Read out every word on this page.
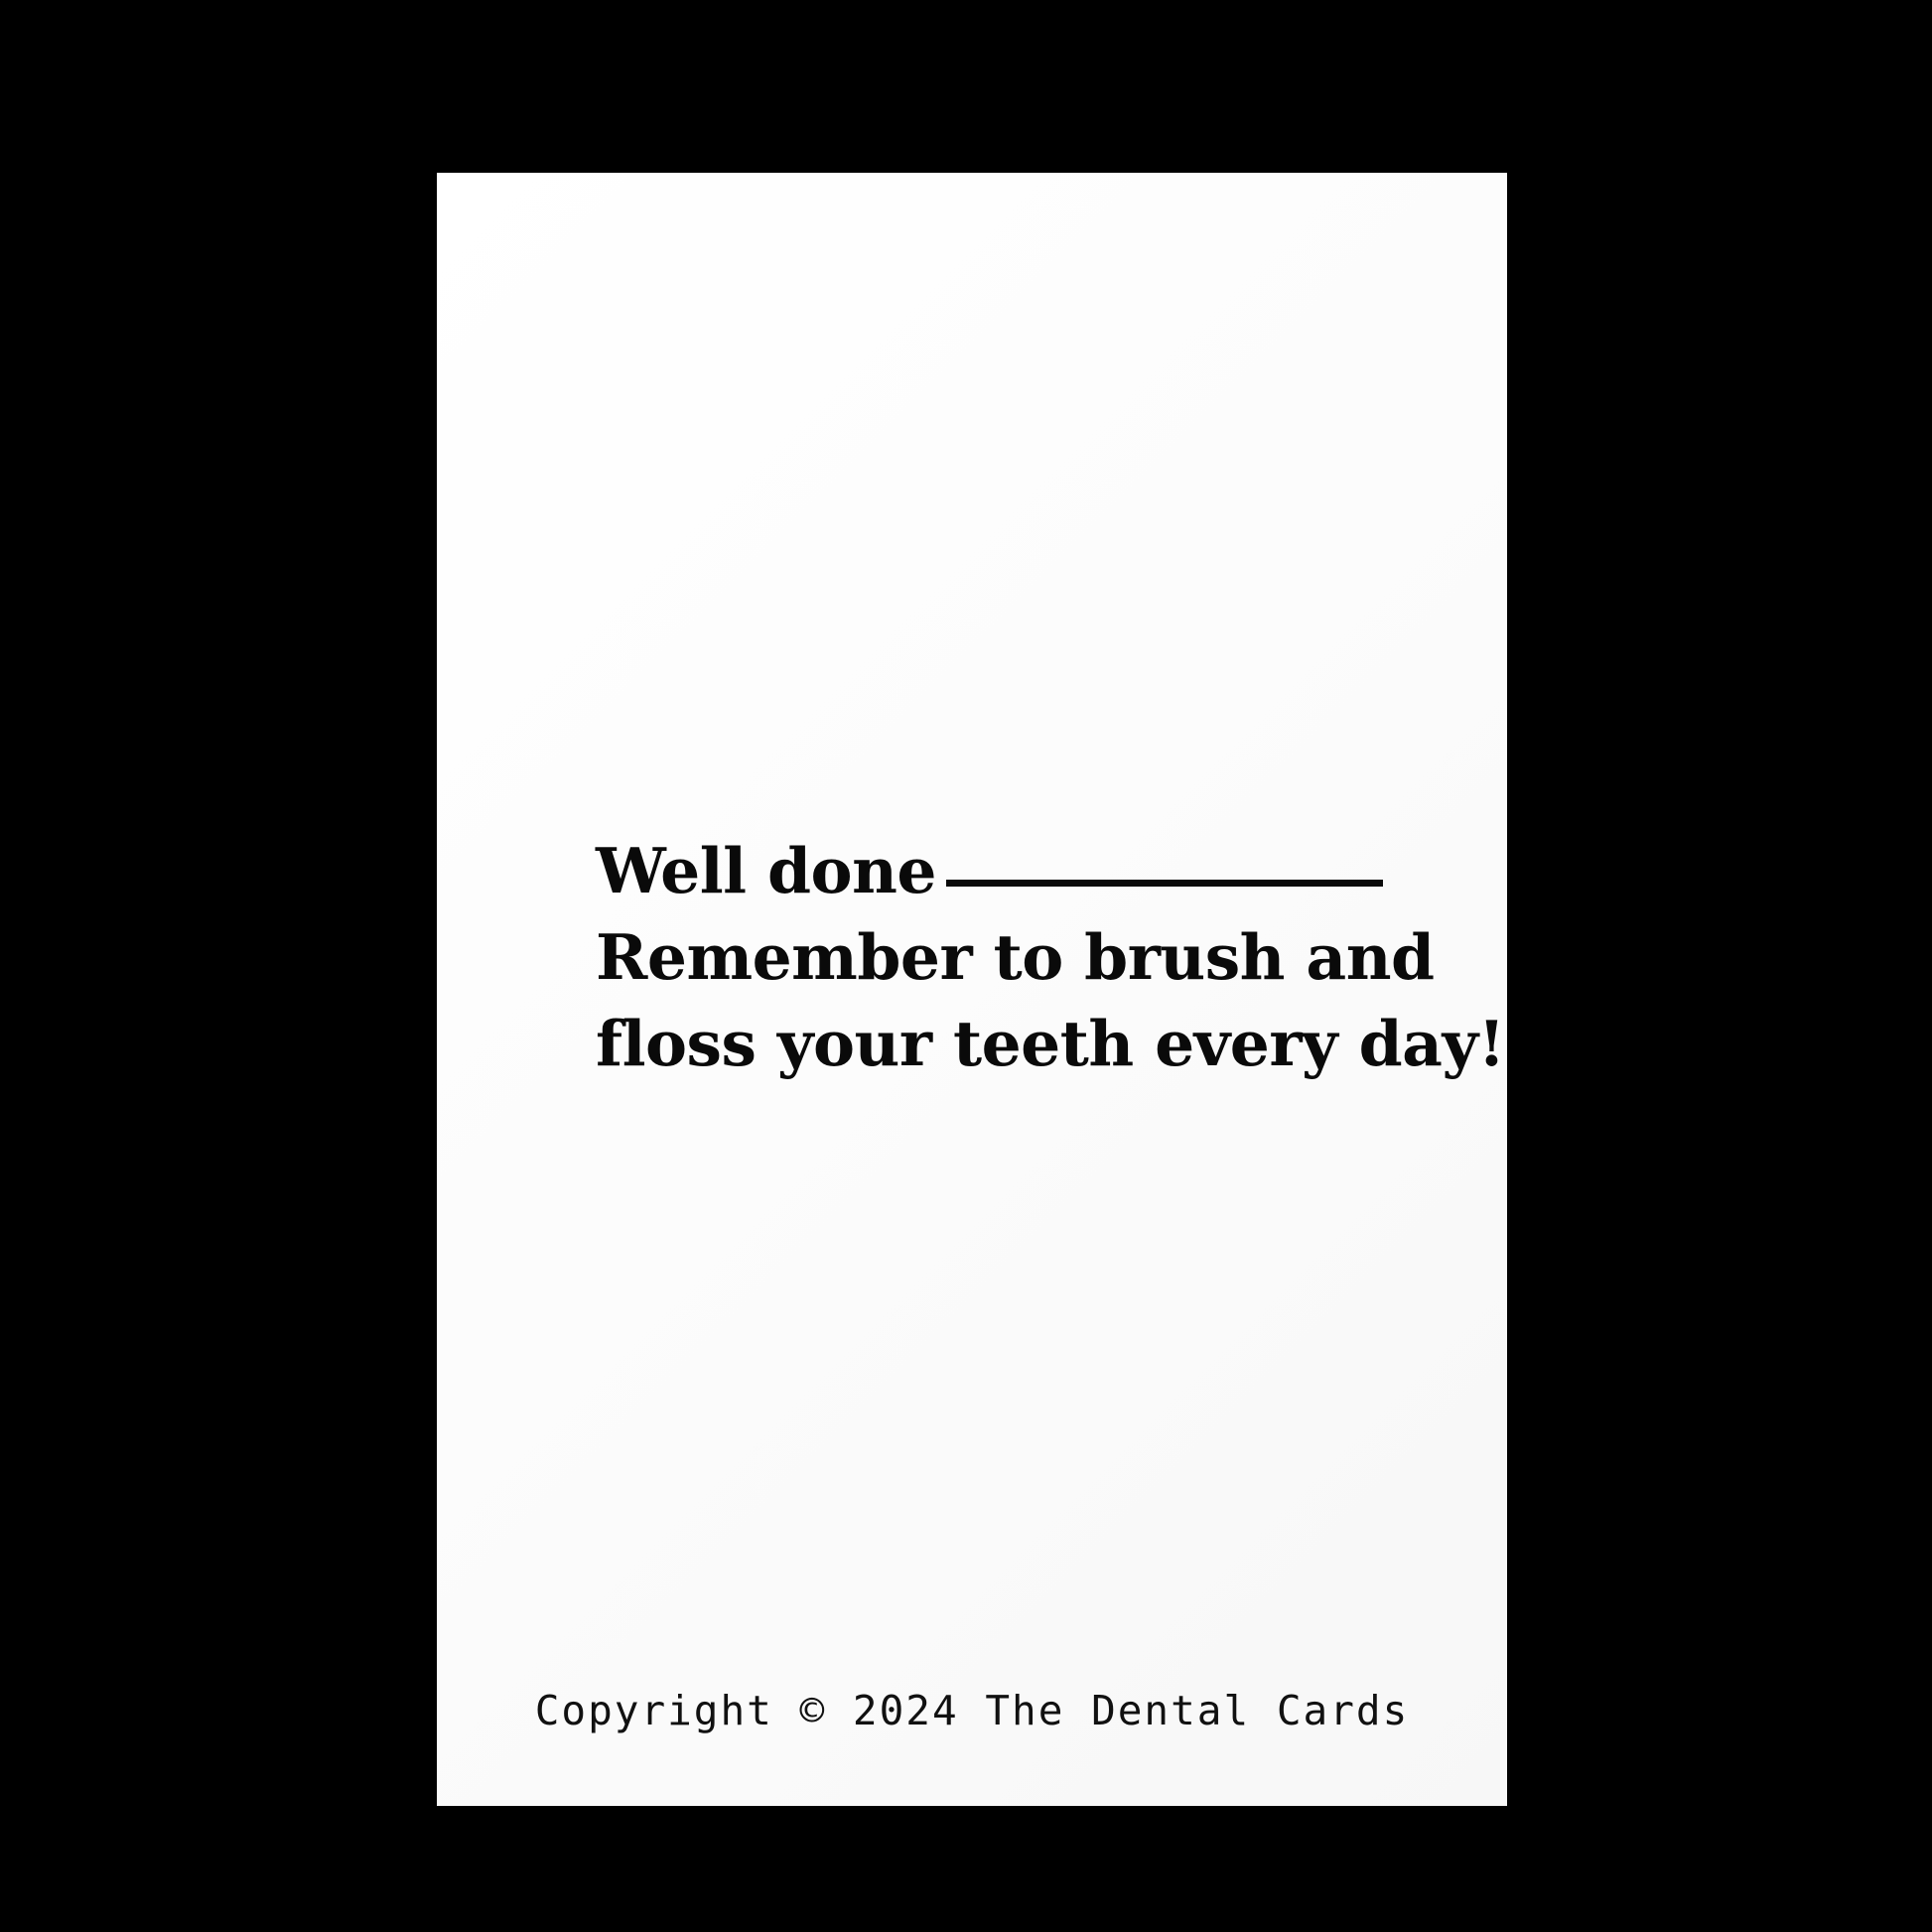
Well done
Remember to brush and
floss your teeth every day!
Copyright © 2024 The Dental Cards
